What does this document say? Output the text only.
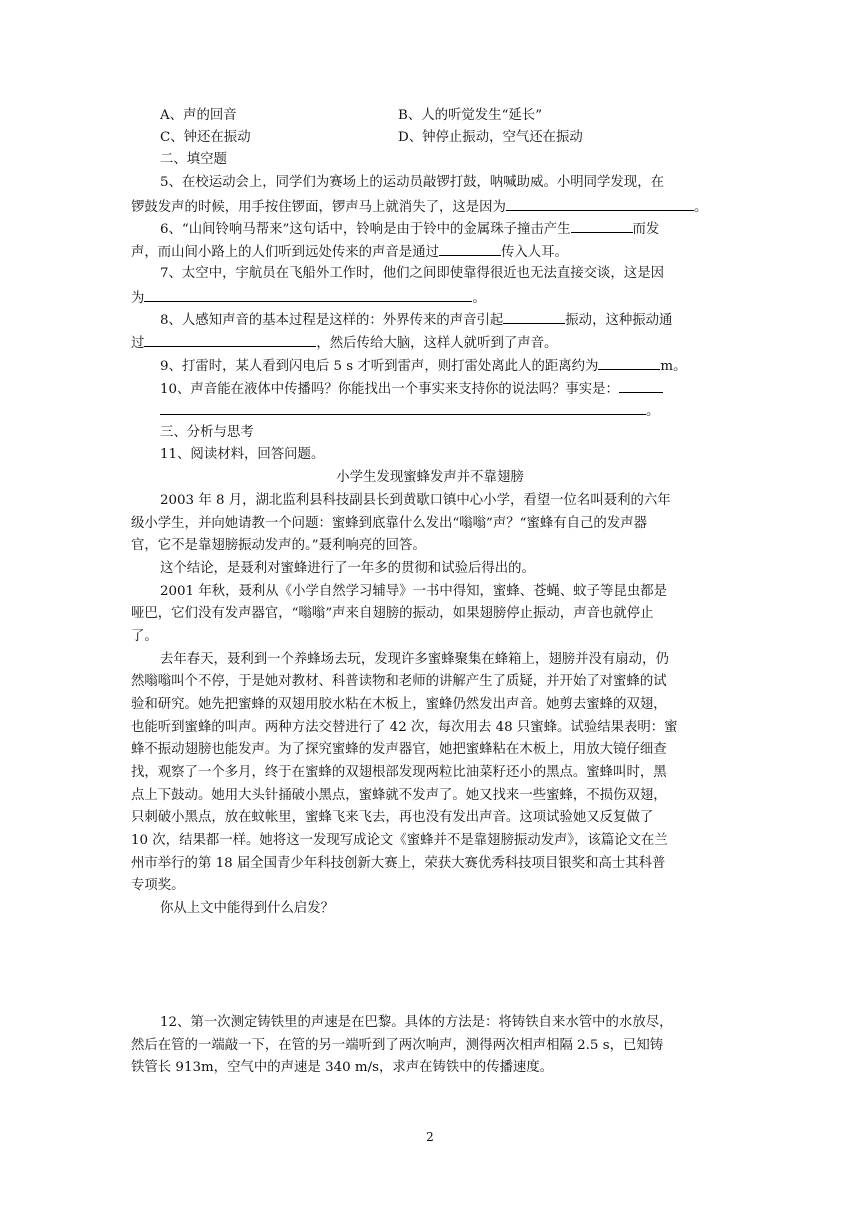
A、声的回音	B、人的听觉发生“延长”
C、钟还在振动	D、钟停止振动，空气还在振动
二、填空题
5、在校运动会上，同学们为赛场上的运动员敲锣打鼓，呐喊助威。小明同学发现，在
锣鼓发声的时候，用手按住锣面，锣声马上就消失了，这是因为	。
6、“山间铃响马帮来”这句话中，铃响是由于铃中的金属珠子撞击产生	而发
声，而山间小路上的人们听到远处传来的声音是通过	传入人耳。
7、太空中，宇航员在飞船外工作时，他们之间即使靠得很近也无法直接交谈，这是因
为	。
8、人感知声音的基本过程是这样的：外界传来的声音引起	振动，这种振动通
过	，然后传给大脑，这样人就听到了声音。
9、打雷时，某人看到闪电后 5 s 才听到雷声，则打雷处离此人的距离约为	m。
10、声音能在液体中传播吗？你能找出一个事实来支持你的说法吗？事实是：
。
三、分析与思考
11、阅读材料，回答问题。
小学生发现蜜蜂发声并不靠翅膀
2003 年 8 月，湖北监利县科技副县长到黄歇口镇中心小学，看望一位名叫聂利的六年
级小学生，并向她请教一个问题：蜜蜂到底靠什么发出“嗡嗡”声？“蜜蜂有自己的发声器
官，它不是靠翅膀振动发声的。”聂利响亮的回答。
这个结论，是聂利对蜜蜂进行了一年多的贯彻和试验后得出的。
2001 年秋，聂利从《小学自然学习辅导》一书中得知，蜜蜂、苍蝇、蚊子等昆虫都是
哑巴，它们没有发声器官，“嗡嗡”声来自翅膀的振动，如果翅膀停止振动，声音也就停止
了。
去年春天，聂利到一个养蜂场去玩，发现许多蜜蜂聚集在蜂箱上，翅膀并没有扇动，仍
然嗡嗡叫个不停，于是她对教材、科普读物和老师的讲解产生了质疑，并开始了对蜜蜂的试
验和研究。她先把蜜蜂的双翅用胶水粘在木板上，蜜蜂仍然发出声音。她剪去蜜蜂的双翅，
也能听到蜜蜂的叫声。两种方法交替进行了 42 次，每次用去 48 只蜜蜂。试验结果表明：蜜
蜂不振动翅膀也能发声。为了探究蜜蜂的发声器官，她把蜜蜂粘在木板上，用放大镜仔细查
找，观察了一个多月，终于在蜜蜂的双翅根部发现两粒比油菜籽还小的黑点。蜜蜂叫时，黑
点上下鼓动。她用大头针捅破小黑点，蜜蜂就不发声了。她又找来一些蜜蜂，不损伤双翅，
只刺破小黑点，放在蚊帐里，蜜蜂飞来飞去，再也没有发出声音。这项试验她又反复做了
10 次，结果都一样。她将这一发现写成论文《蜜蜂并不是靠翅膀振动发声》，该篇论文在兰
州市举行的第 18 届全国青少年科技创新大赛上，荣获大赛优秀科技项目银奖和高士其科普
专项奖。
你从上文中能得到什么启发？
12、第一次测定铸铁里的声速是在巴黎。具体的方法是：将铸铁自来水管中的水放尽，
然后在管的一端敲一下，在管的另一端听到了两次响声，测得两次相声相隔 2.5 s，已知铸
铁管长 913m，空气中的声速是 340 m/s，求声在铸铁中的传播速度。
2
